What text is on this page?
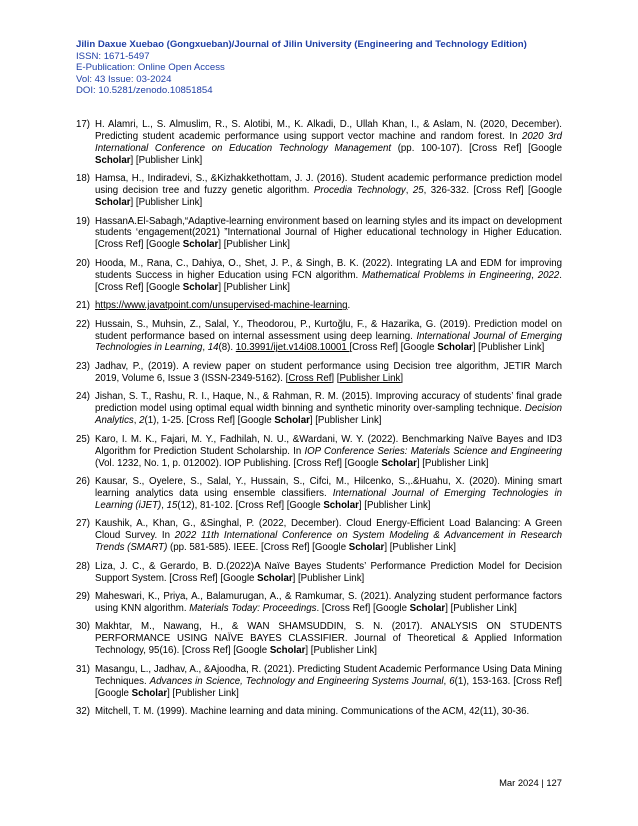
Jilin Daxue Xuebao (Gongxueban)/Journal of Jilin University (Engineering and Technology Edition)
ISSN: 1671-5497
E-Publication: Online Open Access
Vol: 43 Issue: 03-2024
DOI: 10.5281/zenodo.10851854
17) H. Alamri, L., S. Almuslim, R., S. Alotibi, M., K. Alkadi, D., Ullah Khan, I., & Aslam, N. (2020, December). Predicting student academic performance using support vector machine and random forest. In 2020 3rd International Conference on Education Technology Management (pp. 100-107). [Cross Ref] [Google Scholar] [Publisher Link]
18) Hamsa, H., Indiradevi, S., &Kizhakkethottam, J. J. (2016). Student academic performance prediction model using decision tree and fuzzy genetic algorithm. Procedia Technology, 25, 326-332. [Cross Ref] [Google Scholar] [Publisher Link]
19) HassanA.El-Sabagh,“Adaptive-learning environment based on learning styles and its impact on development students ‘engagement(2021) ”International Journal of Higher educational technology in Higher Education. [Cross Ref] [Google Scholar] [Publisher Link]
20) Hooda, M., Rana, C., Dahiya, O., Shet, J. P., & Singh, B. K. (2022). Integrating LA and EDM for improving students Success in higher Education using FCN algorithm. Mathematical Problems in Engineering, 2022. [Cross Ref] [Google Scholar] [Publisher Link]
21) https://www.javatpoint.com/unsupervised-machine-learning.
22) Hussain, S., Muhsin, Z., Salal, Y., Theodorou, P., Kurtoğlu, F., & Hazarika, G. (2019). Prediction model on student performance based on internal assessment using deep learning. International Journal of Emerging Technologies in Learning, 14(8). 10.3991/ijet.v14i08.10001 [Cross Ref] [Google Scholar] [Publisher Link]
23) Jadhav, P., (2019). A review paper on student performance using Decision tree algorithm, JETIR March 2019, Volume 6, Issue 3 (ISSN-2349-5162). [Cross Ref] [Publisher Link]
24) Jishan, S. T., Rashu, R. I., Haque, N., & Rahman, R. M. (2015). Improving accuracy of students’ final grade prediction model using optimal equal width binning and synthetic minority over-sampling technique. Decision Analytics, 2(1), 1-25. [Cross Ref] [Google Scholar] [Publisher Link]
25) Karo, I. M. K., Fajari, M. Y., Fadhilah, N. U., &Wardani, W. Y. (2022). Benchmarking Naïve Bayes and ID3 Algorithm for Prediction Student Scholarship. In IOP Conference Series: Materials Science and Engineering (Vol. 1232, No. 1, p. 012002). IOP Publishing. [Cross Ref] [Google Scholar] [Publisher Link]
26) Kausar, S., Oyelere, S., Salal, Y., Hussain, S., Cifci, M., Hilcenko, S.,.&Huahu, X. (2020). Mining smart learning analytics data using ensemble classifiers. International Journal of Emerging Technologies in Learning (iJET), 15(12), 81-102. [Cross Ref] [Google Scholar] [Publisher Link]
27) Kaushik, A., Khan, G., &Singhal, P. (2022, December). Cloud Energy-Efficient Load Balancing: A Green Cloud Survey. In 2022 11th International Conference on System Modeling & Advancement in Research Trends (SMART) (pp. 581-585). IEEE. [Cross Ref] [Google Scholar] [Publisher Link]
28) Liza, J. C., & Gerardo, B. D.(2022)A Naïve Bayes Students’ Performance Prediction Model for Decision Support System. [Cross Ref] [Google Scholar] [Publisher Link]
29) Maheswari, K., Priya, A., Balamurugan, A., & Ramkumar, S. (2021). Analyzing student performance factors using KNN algorithm. Materials Today: Proceedings. [Cross Ref] [Google Scholar] [Publisher Link]
30) Makhtar, M., Nawang, H., & WAN SHAMSUDDIN, S. N. (2017). ANALYSIS ON STUDENTS PERFORMANCE USING NAÏVE BAYES CLASSIFIER. Journal of Theoretical & Applied Information Technology, 95(16). [Cross Ref] [Google Scholar] [Publisher Link]
31) Masangu, L., Jadhav, A., &Ajoodha, R. (2021). Predicting Student Academic Performance Using Data Mining Techniques. Advances in Science, Technology and Engineering Systems Journal, 6(1), 153-163. [Cross Ref] [Google Scholar] [Publisher Link]
32) Mitchell, T. M. (1999). Machine learning and data mining. Communications of the ACM, 42(11), 30-36.
Mar 2024 | 127
